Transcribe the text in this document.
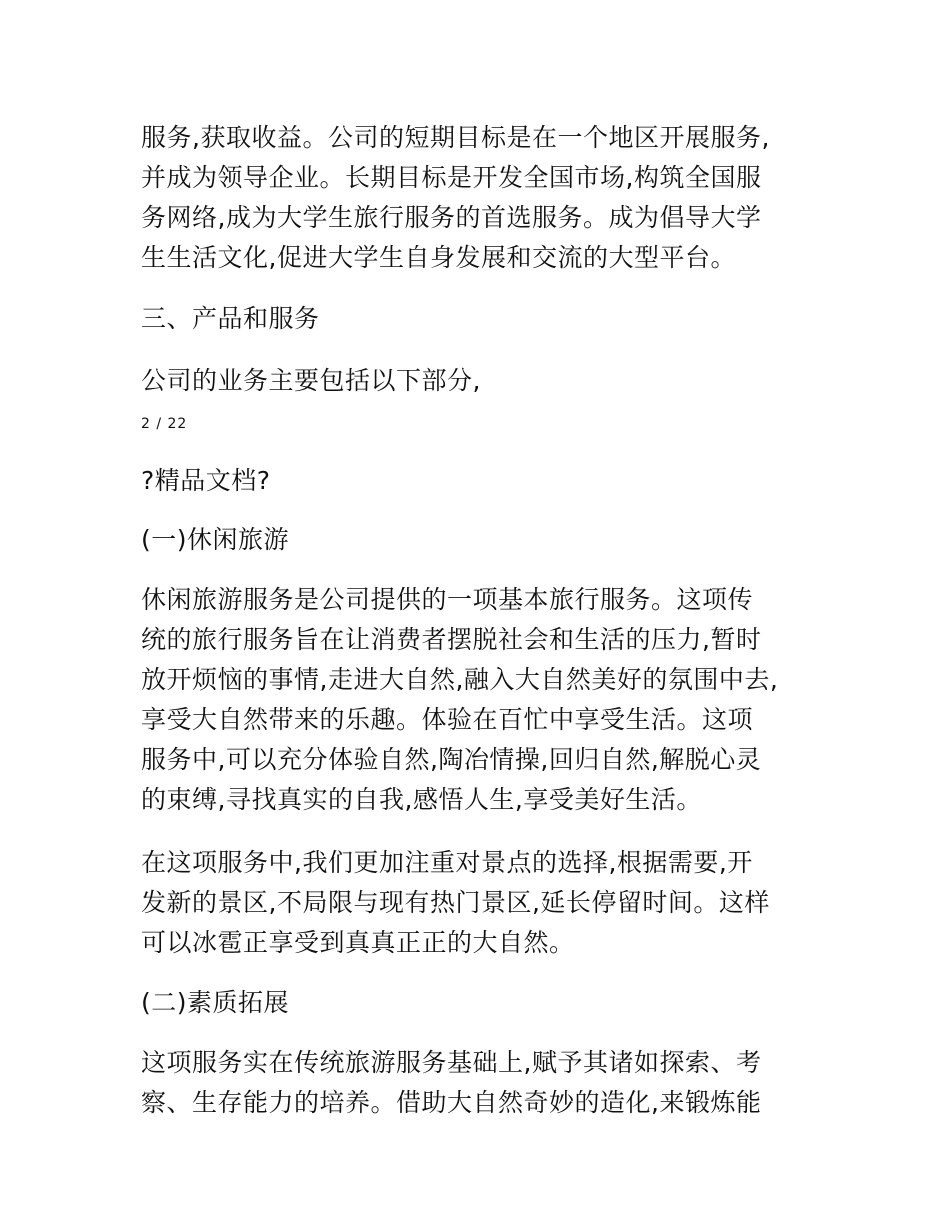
服务,获取收益。公司的短期目标是在一个地区开展服务,
并成为领导企业。长期目标是开发全国市场,构筑全国服
务网络,成为大学生旅行服务的首选服务。成为倡导大学
生生活文化,促进大学生自身发展和交流的大型平台。
三、产品和服务
公司的业务主要包括以下部分,
2 / 22
?精品文档?
(一)休闲旅游
休闲旅游服务是公司提供的一项基本旅行服务。这项传
统的旅行服务旨在让消费者摆脱社会和生活的压力,暂时
放开烦恼的事情,走进大自然,融入大自然美好的氛围中去,
享受大自然带来的乐趣。体验在百忙中享受生活。这项
服务中,可以充分体验自然,陶冶情操,回归自然,解脱心灵
的束缚,寻找真实的自我,感悟人生,享受美好生活。
在这项服务中,我们更加注重对景点的选择,根据需要,开
发新的景区,不局限与现有热门景区,延长停留时间。这样
可以冰雹正享受到真真正正的大自然。
(二)素质拓展
这项服务实在传统旅游服务基础上,赋予其诸如探索、考
察、生存能力的培养。借助大自然奇妙的造化,来锻炼能
